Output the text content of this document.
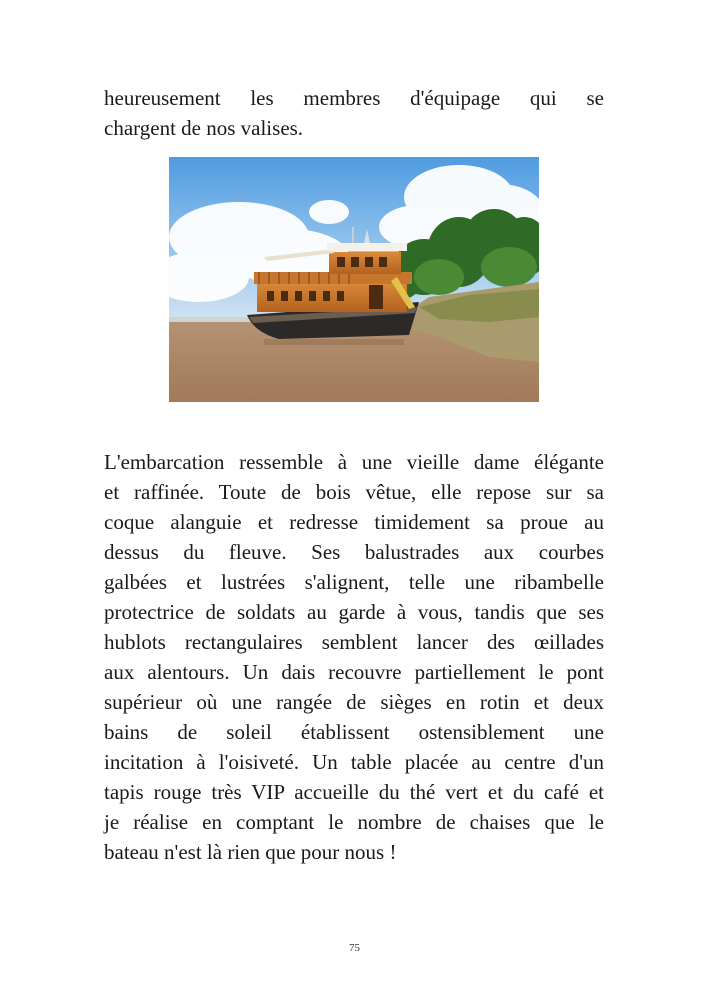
heureusement les membres d'équipage qui se
chargent de nos valises.
L'embarcation ressemble à une vieille dame élégante
et raffinée. Toute de bois vêtue, elle repose sur sa
coque alanguie et redresse timidement sa proue au
dessus du fleuve. Ses balustrades aux courbes
galbées et lustrées s'alignent, telle une ribambelle
protectrice de soldats au garde à vous, tandis que ses
hublots rectangulaires semblent lancer des œillades
aux alentours. Un dais recouvre partiellement le pont
supérieur où une rangée de sièges en rotin et deux
bains de soleil établissent ostensiblement une
incitation à l'oisiveté. Un table placée au centre d'un
tapis rouge très VIP accueille du thé vert et du café et
je réalise en comptant le nombre de chaises que le
bateau n'est là rien que pour nous !
75
